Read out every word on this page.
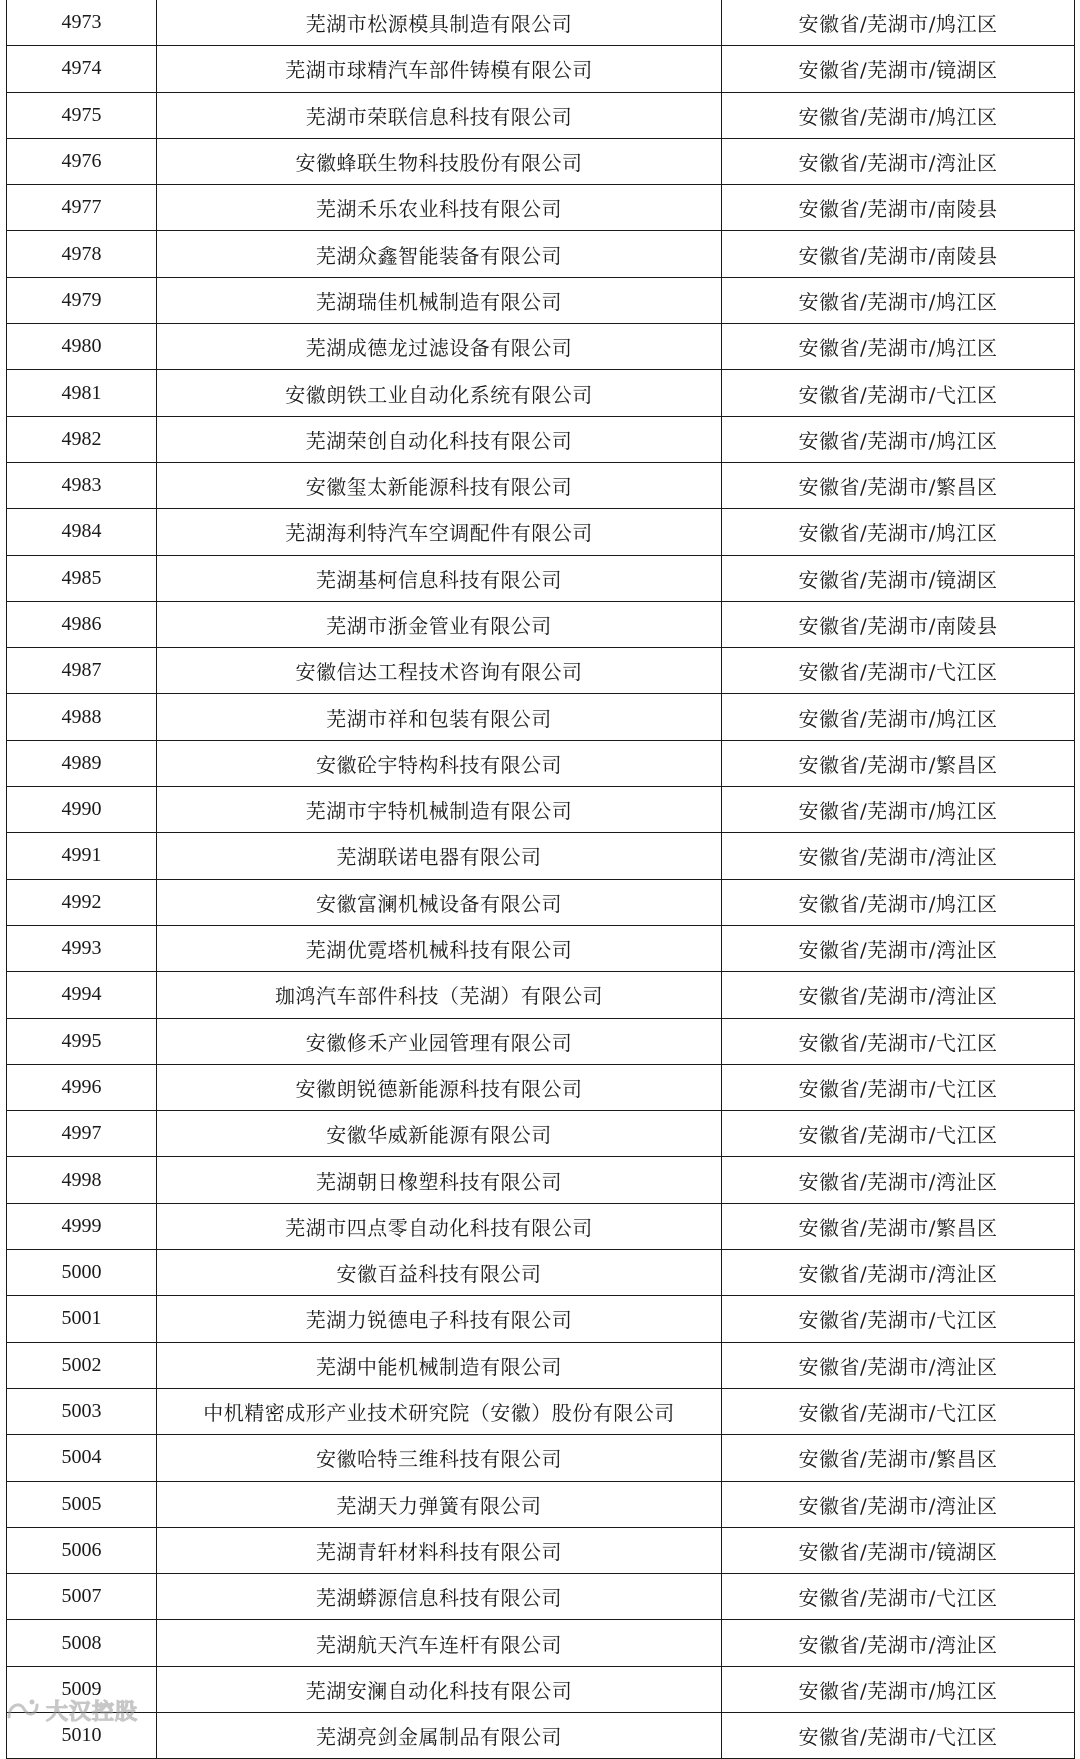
4973	芜湖市松源模具制造有限公司	安徽省/芜湖市/鸠江区
4974	芜湖市球精汽车部件铸模有限公司	安徽省/芜湖市/镜湖区
4975	芜湖市荣联信息科技有限公司	安徽省/芜湖市/鸠江区
4976	安徽蜂联生物科技股份有限公司	安徽省/芜湖市/湾沚区
4977	芜湖禾乐农业科技有限公司	安徽省/芜湖市/南陵县
4978	芜湖众鑫智能装备有限公司	安徽省/芜湖市/南陵县
4979	芜湖瑞佳机械制造有限公司	安徽省/芜湖市/鸠江区
4980	芜湖成德龙过滤设备有限公司	安徽省/芜湖市/鸠江区
4981	安徽朗铁工业自动化系统有限公司	安徽省/芜湖市/弋江区
4982	芜湖荣创自动化科技有限公司	安徽省/芜湖市/鸠江区
4983	安徽玺太新能源科技有限公司	安徽省/芜湖市/繁昌区
4984	芜湖海利特汽车空调配件有限公司	安徽省/芜湖市/鸠江区
4985	芜湖基柯信息科技有限公司	安徽省/芜湖市/镜湖区
4986	芜湖市浙金管业有限公司	安徽省/芜湖市/南陵县
4987	安徽信达工程技术咨询有限公司	安徽省/芜湖市/弋江区
4988	芜湖市祥和包装有限公司	安徽省/芜湖市/鸠江区
4989	安徽砼宇特构科技有限公司	安徽省/芜湖市/繁昌区
4990	芜湖市宇特机械制造有限公司	安徽省/芜湖市/鸠江区
4991	芜湖联诺电器有限公司	安徽省/芜湖市/湾沚区
4992	安徽富澜机械设备有限公司	安徽省/芜湖市/鸠江区
4993	芜湖优霓塔机械科技有限公司	安徽省/芜湖市/湾沚区
4994	珈鸿汽车部件科技（芜湖）有限公司	安徽省/芜湖市/湾沚区
4995	安徽修禾产业园管理有限公司	安徽省/芜湖市/弋江区
4996	安徽朗锐德新能源科技有限公司	安徽省/芜湖市/弋江区
4997	安徽华威新能源有限公司	安徽省/芜湖市/弋江区
4998	芜湖朝日橡塑科技有限公司	安徽省/芜湖市/湾沚区
4999	芜湖市四点零自动化科技有限公司	安徽省/芜湖市/繁昌区
5000	安徽百益科技有限公司	安徽省/芜湖市/湾沚区
5001	芜湖力锐德电子科技有限公司	安徽省/芜湖市/弋江区
5002	芜湖中能机械制造有限公司	安徽省/芜湖市/湾沚区
5003	中机精密成形产业技术研究院（安徽）股份有限公司	安徽省/芜湖市/弋江区
5004	安徽哈特三维科技有限公司	安徽省/芜湖市/繁昌区
5005	芜湖天力弹簧有限公司	安徽省/芜湖市/湾沚区
5006	芜湖青轩材料科技有限公司	安徽省/芜湖市/镜湖区
5007	芜湖蟒源信息科技有限公司	安徽省/芜湖市/弋江区
5008	芜湖航天汽车连杆有限公司	安徽省/芜湖市/湾沚区
5009	芜湖安澜自动化科技有限公司	安徽省/芜湖市/鸠江区
5010	芜湖亮剑金属制品有限公司	安徽省/芜湖市/弋江区
大汉控股
